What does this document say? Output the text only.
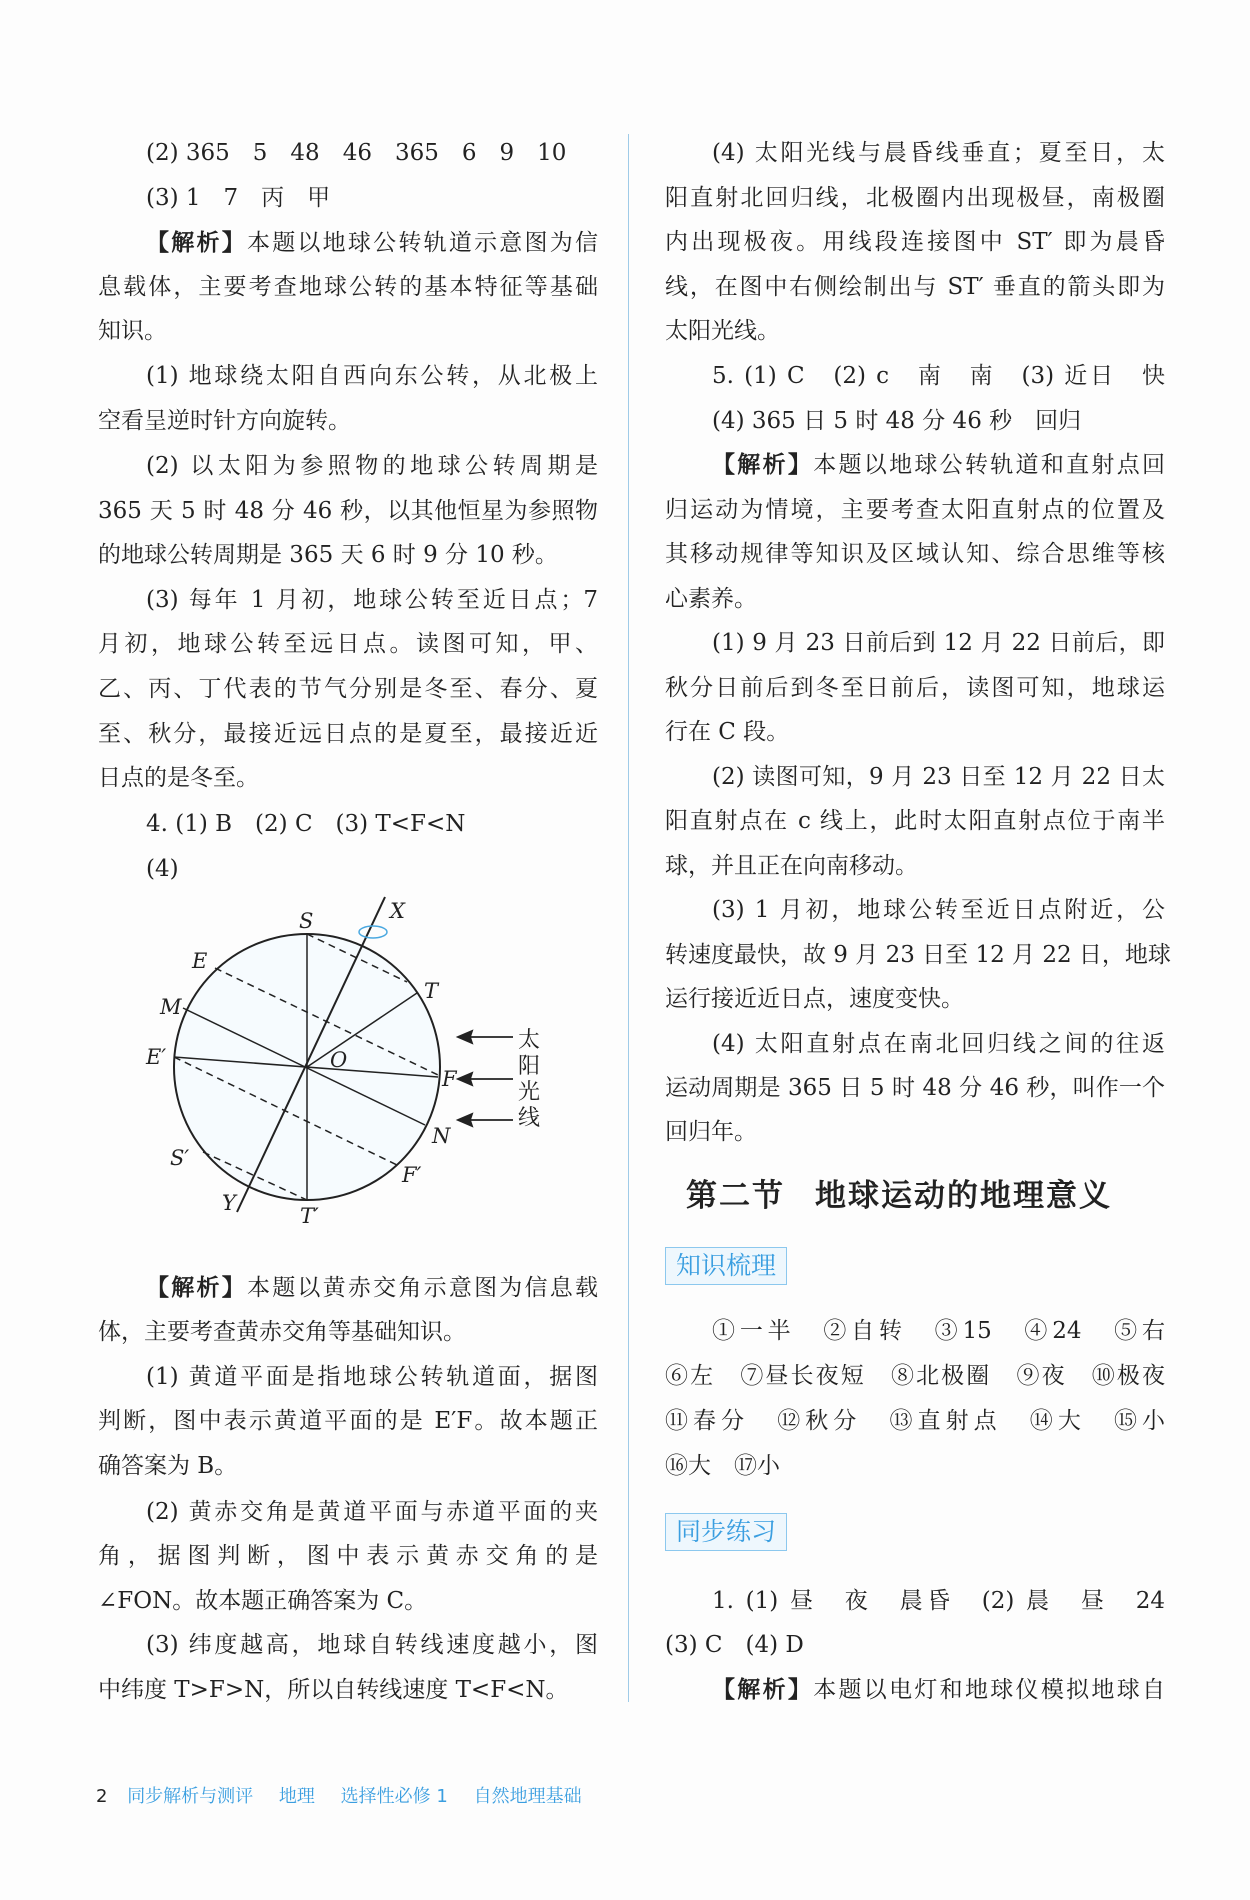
(2) 365　5　48　46　365　6　9　10
(3) 1　7　丙　甲
【解析】本题以地球公转轨道示意图为信
息载体，主要考查地球公转的基本特征等基础
知识。
(1) 地球绕太阳自西向东公转，从北极上
空看呈逆时针方向旋转。
(2) 以太阳为参照物的地球公转周期是
365 天 5 时 48 分 46 秒，以其他恒星为参照物
的地球公转周期是 365 天 6 时 9 分 10 秒。
(3) 每年 1 月初，地球公转至近日点；7
月初，地球公转至远日点。读图可知，甲、
乙、丙、丁代表的节气分别是冬至、春分、夏
至、秋分，最接近远日点的是夏至，最接近近
日点的是冬至。
4. (1) B　(2) C　(3) T<F<N
(4)
【解析】本题以黄赤交角示意图为信息载
体，主要考查黄赤交角等基础知识。
(1) 黄道平面是指地球公转轨道面，据图
判断，图中表示黄道平面的是 E′F。故本题正
确答案为 B。
(2) 黄赤交角是黄道平面与赤道平面的夹
角，据图判断，图中表示黄赤交角的是
∠FON。故本题正确答案为 C。
(3) 纬度越高，地球自转线速度越小，图
中纬度 T>F>N，所以自转线速度 T<F<N。
(4) 太阳光线与晨昏线垂直；夏至日，太
阳直射北回归线，北极圈内出现极昼，南极圈
内出现极夜。用线段连接图中 ST′ 即为晨昏
线，在图中右侧绘制出与 ST′ 垂直的箭头即为
太阳光线。
5. (1) C　(2) c　南　南　(3) 近日　快
(4) 365 日 5 时 48 分 46 秒　回归
【解析】本题以地球公转轨道和直射点回
归运动为情境，主要考查太阳直射点的位置及
其移动规律等知识及区域认知、综合思维等核
心素养。
(1) 9 月 23 日前后到 12 月 22 日前后，即
秋分日前后到冬至日前后，读图可知，地球运
行在 C 段。
(2) 读图可知，9 月 23 日至 12 月 22 日太
阳直射点在 c 线上，此时太阳直射点位于南半
球，并且正在向南移动。
(3) 1 月初，地球公转至近日点附近，公
转速度最快，故 9 月 23 日至 12 月 22 日，地球
运行接近近日点，速度变快。
(4) 太阳直射点在南北回归线之间的往返
运动周期是 365 日 5 时 48 分 46 秒，叫作一个
回归年。
①一半　②自转　③15　④24　⑤右
⑥左　⑦昼长夜短　⑧北极圈　⑨夜　⑩极夜
⑪春分　⑫秋分　⑬直射点　⑭大　⑮小
⑯大　⑰小
1. (1) 昼　夜　晨昏　(2) 晨　昼　24
(3) C　(4) D
【解析】本题以电灯和地球仪模拟地球自
X
S
E
M
E′
S′
Y
T′
F′
N
F
T
O
太
阳
光
线
第二节 地球运动的地理意义
知识梳理
同步练习
2 同步解析与测评 地理 选择性必修 1 自然地理基础
